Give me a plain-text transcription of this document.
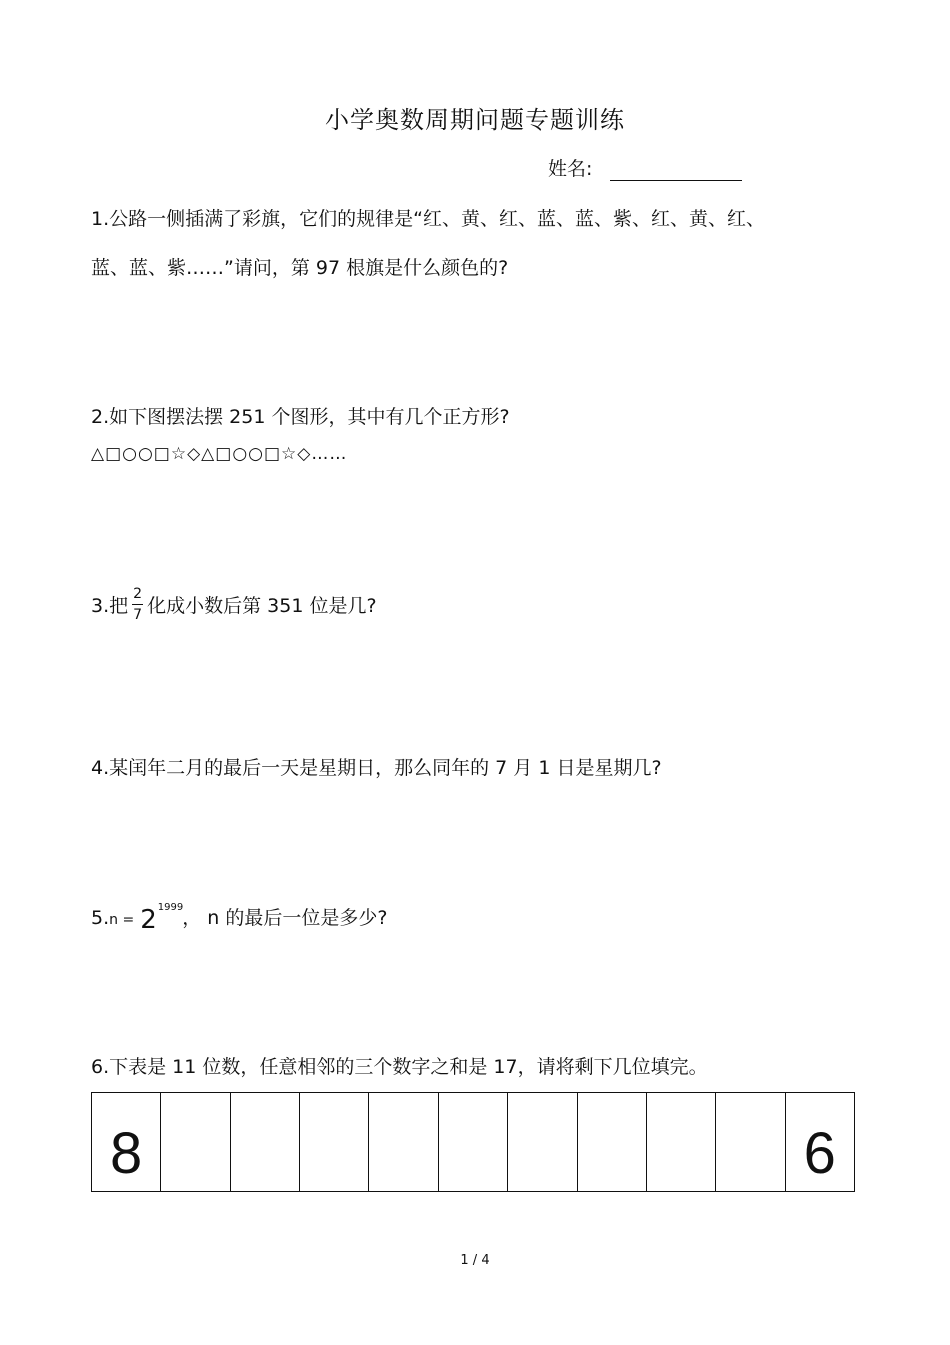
小学奥数周期问题专题训练
姓名:
1.公路一侧插满了彩旗，它们的规律是“红、黄、红、蓝、蓝、紫、红、黄、红、
蓝、蓝、紫……”请问，第 97 根旗是什么颜色的?
2.如下图摆法摆 251 个图形，其中有几个正方形?
△□○○□☆◇△□○○□☆◇……
3.把 $\frac{2}{7}$ 化成小数后第 351 位是几?
4.某闰年二月的最后一天是星期日，那么同年的 7 月 1 日是星期几?
$5.n = 2^{1999}$， n 的最后一位是多少?
6.下表是 11 位数，任意相邻的三个数字之和是 17，请将剩下几位填完。
8										6
1 / 4
